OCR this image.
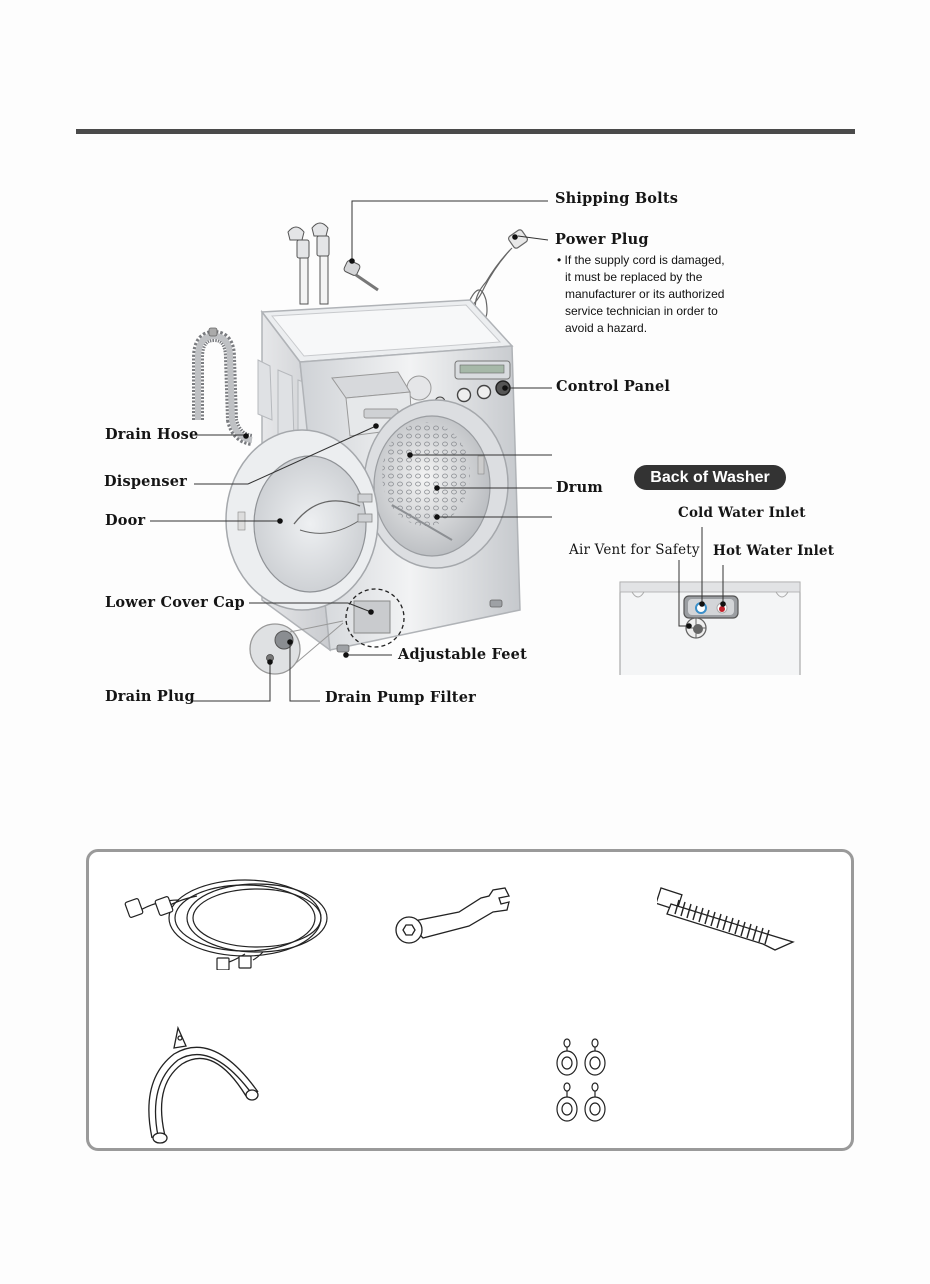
Shipping Bolts
Power Plug
• If the supply cord is damaged,
it must be replaced by the
manufacturer or its authorized
service technician in order to
avoid a hazard.
Control Panel
Drain Hose
Dispenser
Door
Drum
Lower Cover Cap
Adjustable Feet
Drain Plug	Drain Pump Filter
Back of Washer
Cold Water Inlet
Air Vent for Safety Hot Water Inlet
